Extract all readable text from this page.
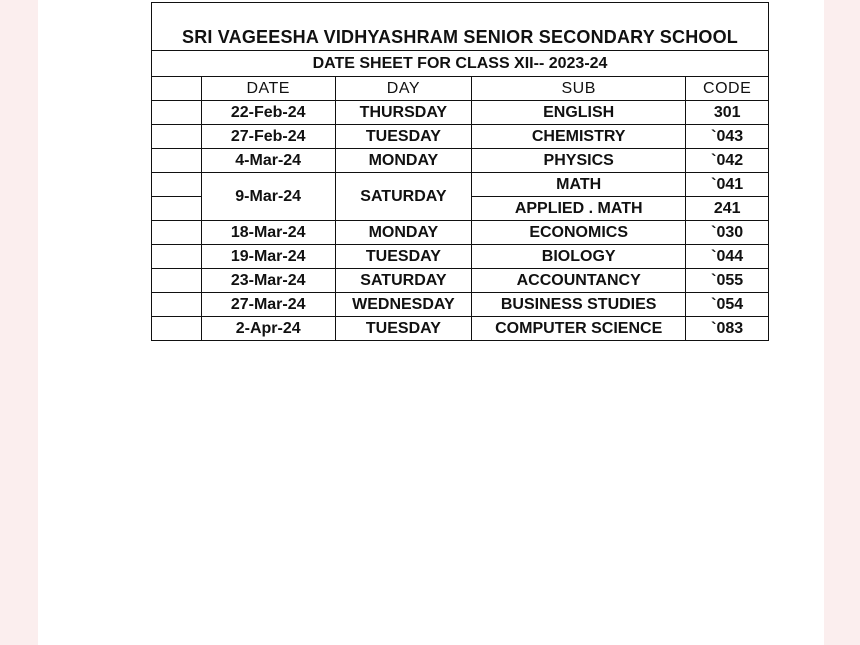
SRI VAGEESHA VIDHYASHRAM SENIOR SECONDARY SCHOOL
DATE SHEET FOR CLASS XII-- 2023-24
	DATE	DAY	SUB	CODE
	22-Feb-24	THURSDAY	ENGLISH	301
	27-Feb-24	TUESDAY	CHEMISTRY	`043
	4-Mar-24	MONDAY	PHYSICS	`042
	9-Mar-24	SATURDAY	MATH	`041
			APPLIED . MATH	241
	18-Mar-24	MONDAY	ECONOMICS	`030
	19-Mar-24	TUESDAY	BIOLOGY	`044
	23-Mar-24	SATURDAY	ACCOUNTANCY	`055
	27-Mar-24	WEDNESDAY	BUSINESS STUDIES	`054
	2-Apr-24	TUESDAY	COMPUTER SCIENCE	`083
